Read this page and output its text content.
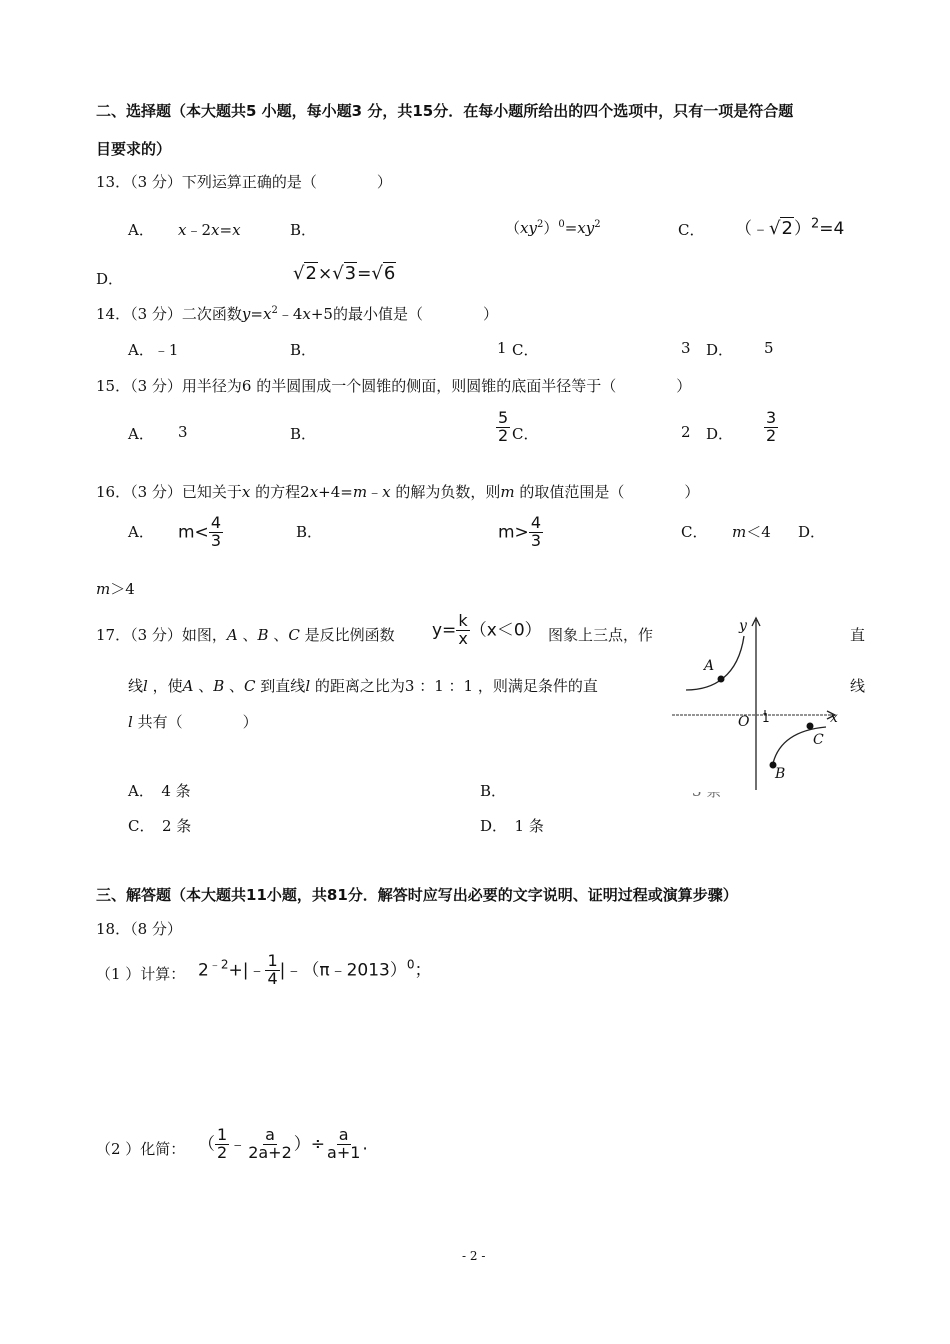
二、选择题（本大题共5 小题，每小题3 分，共15分．在每小题所给出的四个选项中，只有一项是符合题
目要求的）
13．（3 分）下列运算正确的是（　　　　）
A． x﹣2x=x	B．	$(xy^2)^0=xy^2$	C． （﹣√2）$^2$=4
D．	√2×√3=√6
14．（3 分）二次函数$y=x^2﹣4x+5$的最小值是（　　　　）
A．﹣1	B．	1 C．	3 D． 5
15．（3 分）用半径为6 的半圆围成一个圆锥的侧面，则圆锥的底面半径等于（　　　　）
A． 3	B．	$\frac{5}{2}$ C．	2 D． $\frac{3}{2}$
16．（3 分）已知关于x 的方程2x+4=m﹣x 的解为负数，则m 的取值范围是（　　　　）
A． $m< \frac{4}{3}$	B．	$m> \frac{4}{3}$	C． m＜4 D．
m＞4
17．（3 分）如图，A 、B 、C 是反比例函数 $y= \frac{k}{x} (x<0)$ 图象上三点，作	直
线l ，使A 、B 、C 到直线l 的距离之比为3 ：1 ：1 ，则满足条件的直	线
l 共有（　　　　）
A．　4 条	B．
C．　2 条	D．　1 条
y
x
O 1
A
B
C
三、解答题（本大题共11小题，共81分．解答时应写出必要的文字说明、证明过程或演算步骤）
18．（8 分）
（1 ）计算： $2^{﹣2}+|﹣ \frac{1}{4}$ |﹣（π﹣2013）$^0$；
（2 ）化简： （ $\frac{1}{2}$ ﹣ $\frac{a}{2a+2}$ ）÷ $\frac{a}{a+1}$ .
- 2 -
